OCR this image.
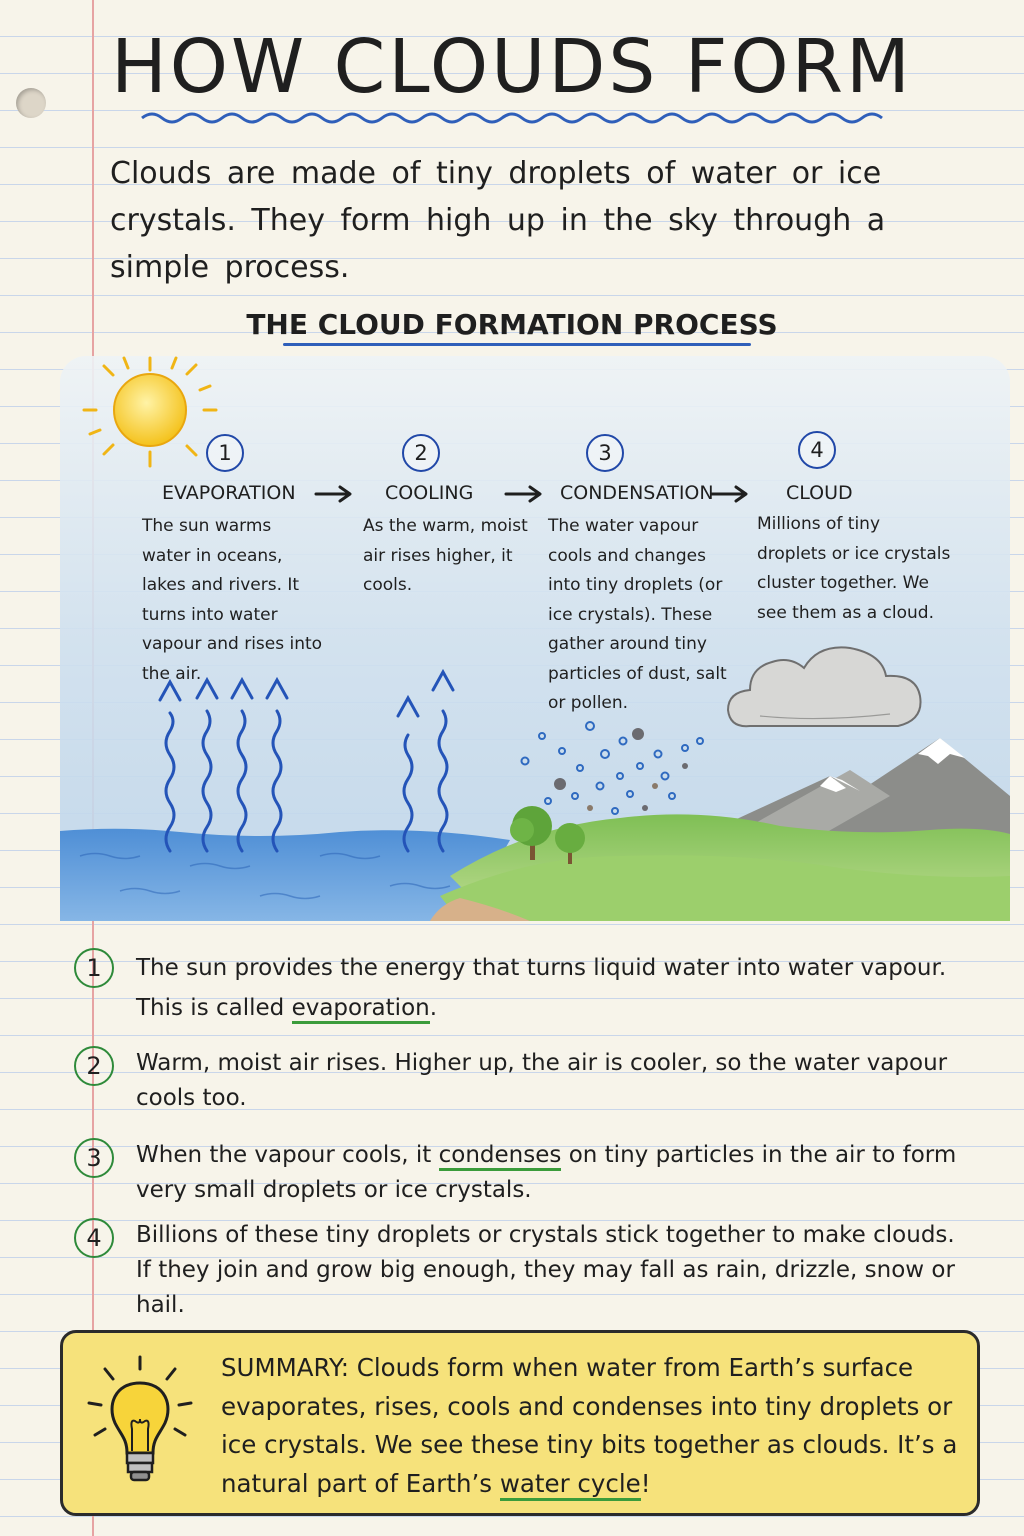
HOW CLOUDS FORM

Clouds are made of tiny droplets of water or ice crystals. They form high up in the sky through a simple process.

THE CLOUD FORMATION PROCESS
1	2	3	4
EVAPORATION	COOLING	CONDENSATION	CLOUD

The sun warms water in oceans, lakes and rivers. It turns into water vapour and rises into the air.

As the warm, moist air rises higher, it cools.

The water vapour cools and changes into tiny droplets (or ice crystals). These gather around tiny particles of dust, salt or pollen.

Millions of tiny droplets or ice crystals cluster together. We see them as a cloud.

1	The sun provides the energy that turns liquid water into water vapour. This is called evaporation.

2	Warm, moist air rises. Higher up, the air is cooler, so the water vapour cools too.

3	When the vapour cools, it condenses on tiny particles in the air to form very small droplets or ice crystals.

4	Billions of these tiny droplets or crystals stick together to make clouds. If they join and grow big enough, they may fall as rain, drizzle, snow or hail.

SUMMARY: Clouds form when water from Earth’s surface evaporates, rises, cools and condenses into tiny droplets or ice crystals. We see these tiny bits together as clouds. It’s a natural part of Earth’s water cycle!
